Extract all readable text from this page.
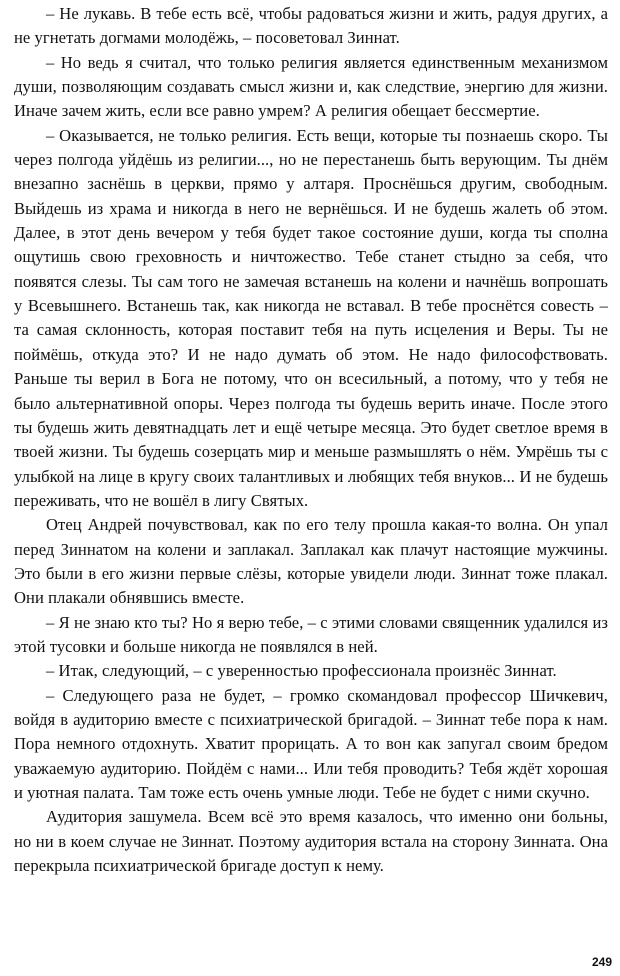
– Не лукавь. В тебе есть всё, чтобы радоваться жизни и жить, радуя других, а не угнетать догмами молодёжь, – посоветовал Зиннат.

– Но ведь я считал, что только религия является единственным механизмом души, позволяющим создавать смысл жизни и, как следствие, энергию для жизни. Иначе зачем жить, если все равно умрем? А религия обещает бессмертие.

– Оказывается, не только религия. Есть вещи, которые ты познаешь скоро. Ты через полгода уйдёшь из религии..., но не перестанешь быть верующим. Ты днём внезапно заснёшь в церкви, прямо у алтаря. Проснёшься другим, свободным. Выйдешь из храма и никогда в него не вернёшься. И не будешь жалеть об этом. Далее, в этот день вечером у тебя будет такое состояние души, когда ты сполна ощутишь свою греховность и ничтожество. Тебе станет стыдно за себя, что появятся слезы. Ты сам того не замечая встанешь на колени и начнёшь вопрошать у Всевышнего. Встанешь так, как никогда не вставал. В тебе проснётся совесть – та самая склонность, которая поставит тебя на путь исцеления и Веры. Ты не поймёшь, откуда это? И не надо думать об этом. Не надо философствовать. Раньше ты верил в Бога не потому, что он всесильный, а потому, что у тебя не было альтернативной опоры. Через полгода ты будешь верить иначе. После этого ты будешь жить девятнадцать лет и ещё четыре месяца. Это будет светлое время в твоей жизни. Ты будешь созерцать мир и меньше размышлять о нём. Умрёшь ты с улыбкой на лице в кругу своих талантливых и любящих тебя внуков... И не будешь переживать, что не вошёл в лигу Святых.

Отец Андрей почувствовал, как по его телу прошла какая-то волна. Он упал перед Зиннатом на колени и заплакал. Заплакал как плачут настоящие мужчины. Это были в его жизни первые слёзы, которые увидели люди. Зиннат тоже плакал. Они плакали обнявшись вместе.

– Я не знаю кто ты? Но я верю тебе, – с этими словами священник удалился из этой тусовки и больше никогда не появлялся в ней.

– Итак, следующий, – с уверенностью профессионала произнёс Зиннат.

– Следующего раза не будет, – громко скомандовал профессор Шичкевич, войдя в аудиторию вместе с психиатрической бригадой. – Зиннат тебе пора к нам. Пора немного отдохнуть. Хватит прорицать. А то вон как запугал своим бредом уважаемую аудиторию. Пойдём с нами... Или тебя проводить? Тебя ждёт хорошая и уютная палата. Там тоже есть очень умные люди. Тебе не будет с ними скучно.

Аудитория зашумела. Всем всё это время казалось, что именно они больны, но ни в коем случае не Зиннат. Поэтому аудитория встала на сторону Зинната. Она перекрыла психиатрической бригаде доступ к нему.

249
